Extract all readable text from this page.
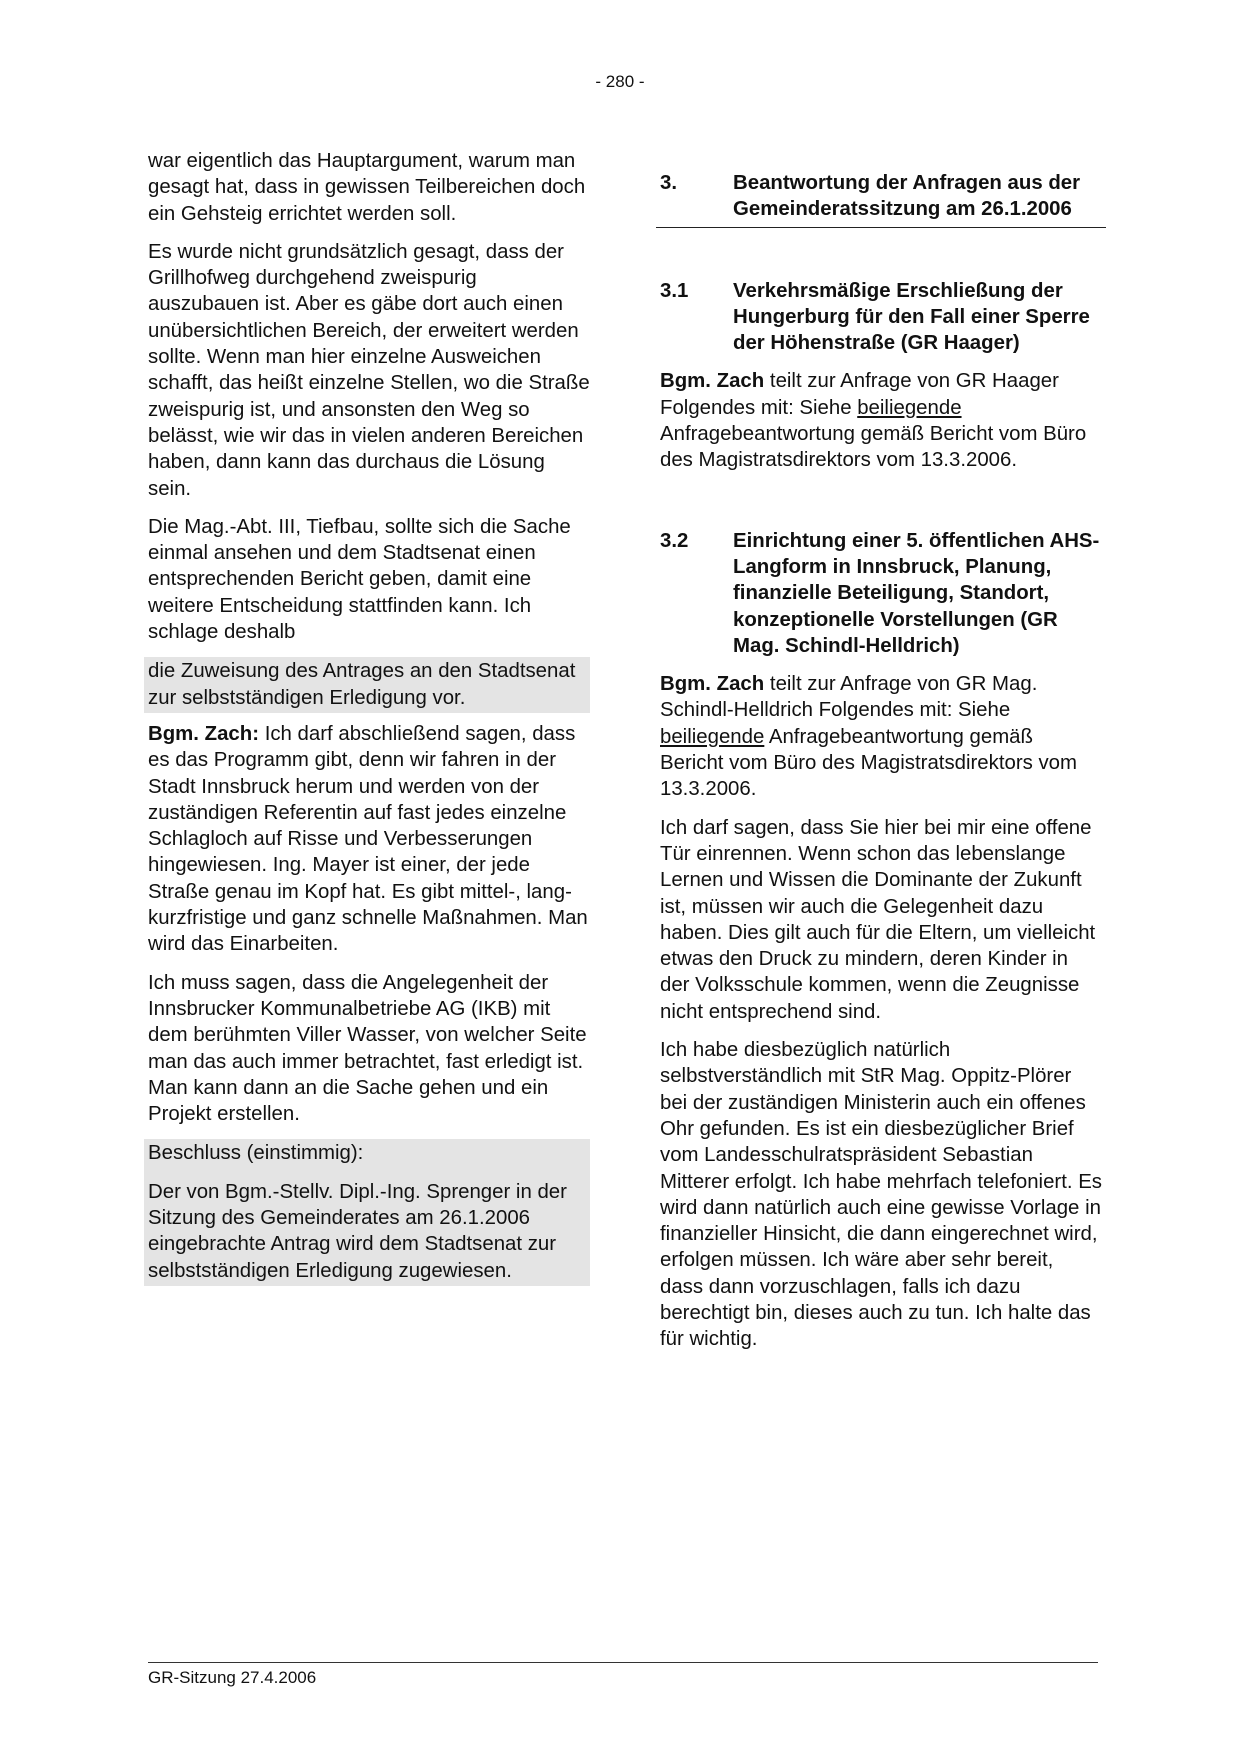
- 280 -

war eigentlich das Hauptargument, warum man gesagt hat, dass in gewissen Teilbereichen doch ein Gehsteig errichtet werden soll.

Es wurde nicht grundsätzlich gesagt, dass der Grillhofweg durchgehend zweispurig auszubauen ist. Aber es gäbe dort auch einen unübersichtlichen Bereich, der erweitert werden sollte. Wenn man hier einzelne Ausweichen schafft, das heißt einzelne Stellen, wo die Straße zweispurig ist, und ansonsten den Weg so belässt, wie wir das in vielen anderen Bereichen haben, dann kann das durchaus die Lösung sein.

Die Mag.-Abt. III, Tiefbau, sollte sich die Sache einmal ansehen und dem Stadtsenat einen entsprechenden Bericht geben, damit eine weitere Entscheidung stattfinden kann. Ich schlage deshalb

die Zuweisung des Antrages an den Stadtsenat zur selbstständigen Erledigung vor.

Bgm. Zach: Ich darf abschließend sagen, dass es das Programm gibt, denn wir fahren in der Stadt Innsbruck herum und werden von der zuständigen Referentin auf fast jedes einzelne Schlagloch auf Risse und Verbesserungen hingewiesen. Ing. Mayer ist einer, der jede Straße genau im Kopf hat. Es gibt mittel-, lang-kurzfristige und ganz schnelle Maßnahmen. Man wird das Einarbeiten.

Ich muss sagen, dass die Angelegenheit der Innsbrucker Kommunalbetriebe AG (IKB) mit dem berühmten Viller Wasser, von welcher Seite man das auch immer betrachtet, fast erledigt ist. Man kann dann an die Sache gehen und ein Projekt erstellen.

Beschluss (einstimmig):

Der von Bgm.-Stellv. Dipl.-Ing. Sprenger in der Sitzung des Gemeinderates am 26.1.2006 eingebrachte Antrag wird dem Stadtsenat zur selbstständigen Erledigung zugewiesen.

3.	Beantwortung der Anfragen aus der Gemeinderatssitzung am 26.1.2006
3.1	Verkehrsmäßige Erschließung der Hungerburg für den Fall einer Sperre der Höhenstraße (GR Haager)

Bgm. Zach teilt zur Anfrage von GR Haager Folgendes mit: Siehe beiliegende Anfragebeantwortung gemäß Bericht vom Büro des Magistratsdirektors vom 13.3.2006.

3.2	Einrichtung einer 5. öffentlichen AHS-Langform in Innsbruck, Planung, finanzielle Beteiligung, Standort, konzeptionelle Vorstellungen (GR Mag. Schindl-Helldrich)

Bgm. Zach teilt zur Anfrage von GR Mag. Schindl-Helldrich Folgendes mit: Siehe beiliegende Anfragebeantwortung gemäß Bericht vom Büro des Magistratsdirektors vom 13.3.2006.

Ich darf sagen, dass Sie hier bei mir eine offene Tür einrennen. Wenn schon das lebenslange Lernen und Wissen die Dominante der Zukunft ist, müssen wir auch die Gelegenheit dazu haben. Dies gilt auch für die Eltern, um vielleicht etwas den Druck zu mindern, deren Kinder in der Volksschule kommen, wenn die Zeugnisse nicht entsprechend sind.

Ich habe diesbezüglich natürlich selbstverständlich mit StR Mag. Oppitz-Plörer bei der zuständigen Ministerin auch ein offenes Ohr gefunden. Es ist ein diesbezüglicher Brief vom Landesschulratspräsident Sebastian Mitterer erfolgt. Ich habe mehrfach telefoniert. Es wird dann natürlich auch eine gewisse Vorlage in finanzieller Hinsicht, die dann eingerechnet wird, erfolgen müssen. Ich wäre aber sehr bereit, dass dann vorzuschlagen, falls ich dazu berechtigt bin, dieses auch zu tun. Ich halte das für wichtig.

GR-Sitzung 27.4.2006
